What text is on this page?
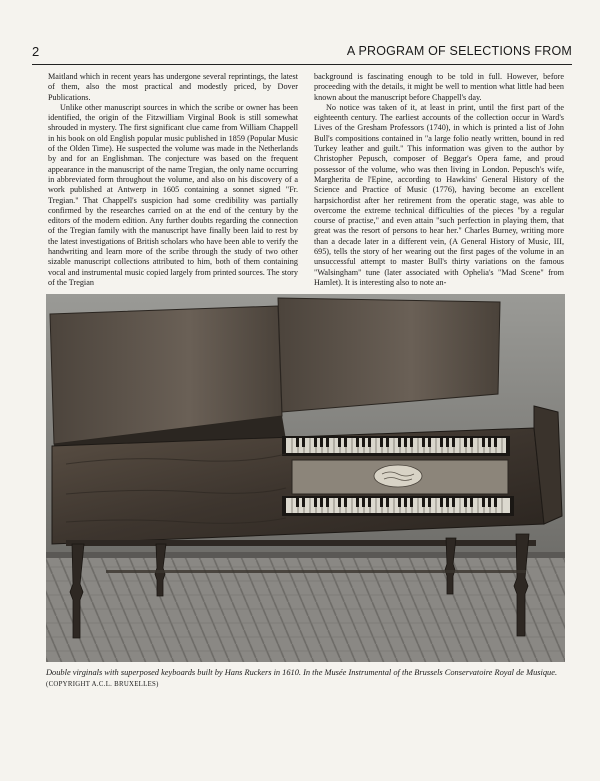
2	A PROGRAM OF SELECTIONS FROM

Maitland which in recent years has undergone several reprintings, the latest of them, also the most practical and modestly priced, by Dover Publications.

Unlike other manuscript sources in which the scribe or owner has been identified, the origin of the Fitzwilliam Virginal Book is still somewhat shrouded in mystery. The first significant clue came from William Chappell in his book on old English popular music published in 1859 (Popular Music of the Olden Time). He suspected the volume was made in the Netherlands by and for an Englishman. The conjecture was based on the frequent appearance in the manuscript of the name Tregian, the only name occurring in abbreviated form throughout the volume, and also on his discovery of a work published at Antwerp in 1605 containing a sonnet signed "Fr. Tregian." That Chappell's suspicion had some credibility was partially confirmed by the researches carried on at the end of the century by the editors of the modern edition. Any further doubts regarding the connection of the Tregian family with the manuscript have finally been laid to rest by the latest investigations of British scholars who have been able to verify the handwriting and learn more of the scribe through the study of two other sizable manuscript collections attributed to him, both of them containing vocal and instrumental music copied largely from printed sources. The story of the Tregian

background is fascinating enough to be told in full. However, before proceeding with the details, it might be well to mention what little had been known about the manuscript before Chappell's day.

No notice was taken of it, at least in print, until the first part of the eighteenth century. The earliest accounts of the collection occur in Ward's Lives of the Gresham Professors (1740), in which is printed a list of John Bull's compositions contained in "a large folio neatly written, bound in red Turkey leather and guilt." This information was given to the author by Christopher Pepusch, composer of Beggar's Opera fame, and proud possessor of the volume, who was then living in London. Pepusch's wife, Margherita de l'Epine, according to Hawkins' General History of the Science and Practice of Music (1776), having become an excellent harpsichordist after her retirement from the operatic stage, was able to overcome the extreme technical difficulties of the pieces "by a regular course of practise," and even attain "such perfection in playing them, that great was the resort of persons to hear her." Charles Burney, writing more than a decade later in a different vein, (A General History of Music, III, 695), tells the story of her wearing out the first pages of the volume in an unsuccessful attempt to master Bull's thirty variations on the famous "Walsingham" tune (later associated with Ophelia's "Mad Scene" from Hamlet). It is interesting also to note an-

Double virginals with superposed keyboards built by Hans Ruckers in 1610. In the Musée Instrumental of the Brussels Conservatoire Royal de Musique. (COPYRIGHT A.C.L. BRUXELLES)
